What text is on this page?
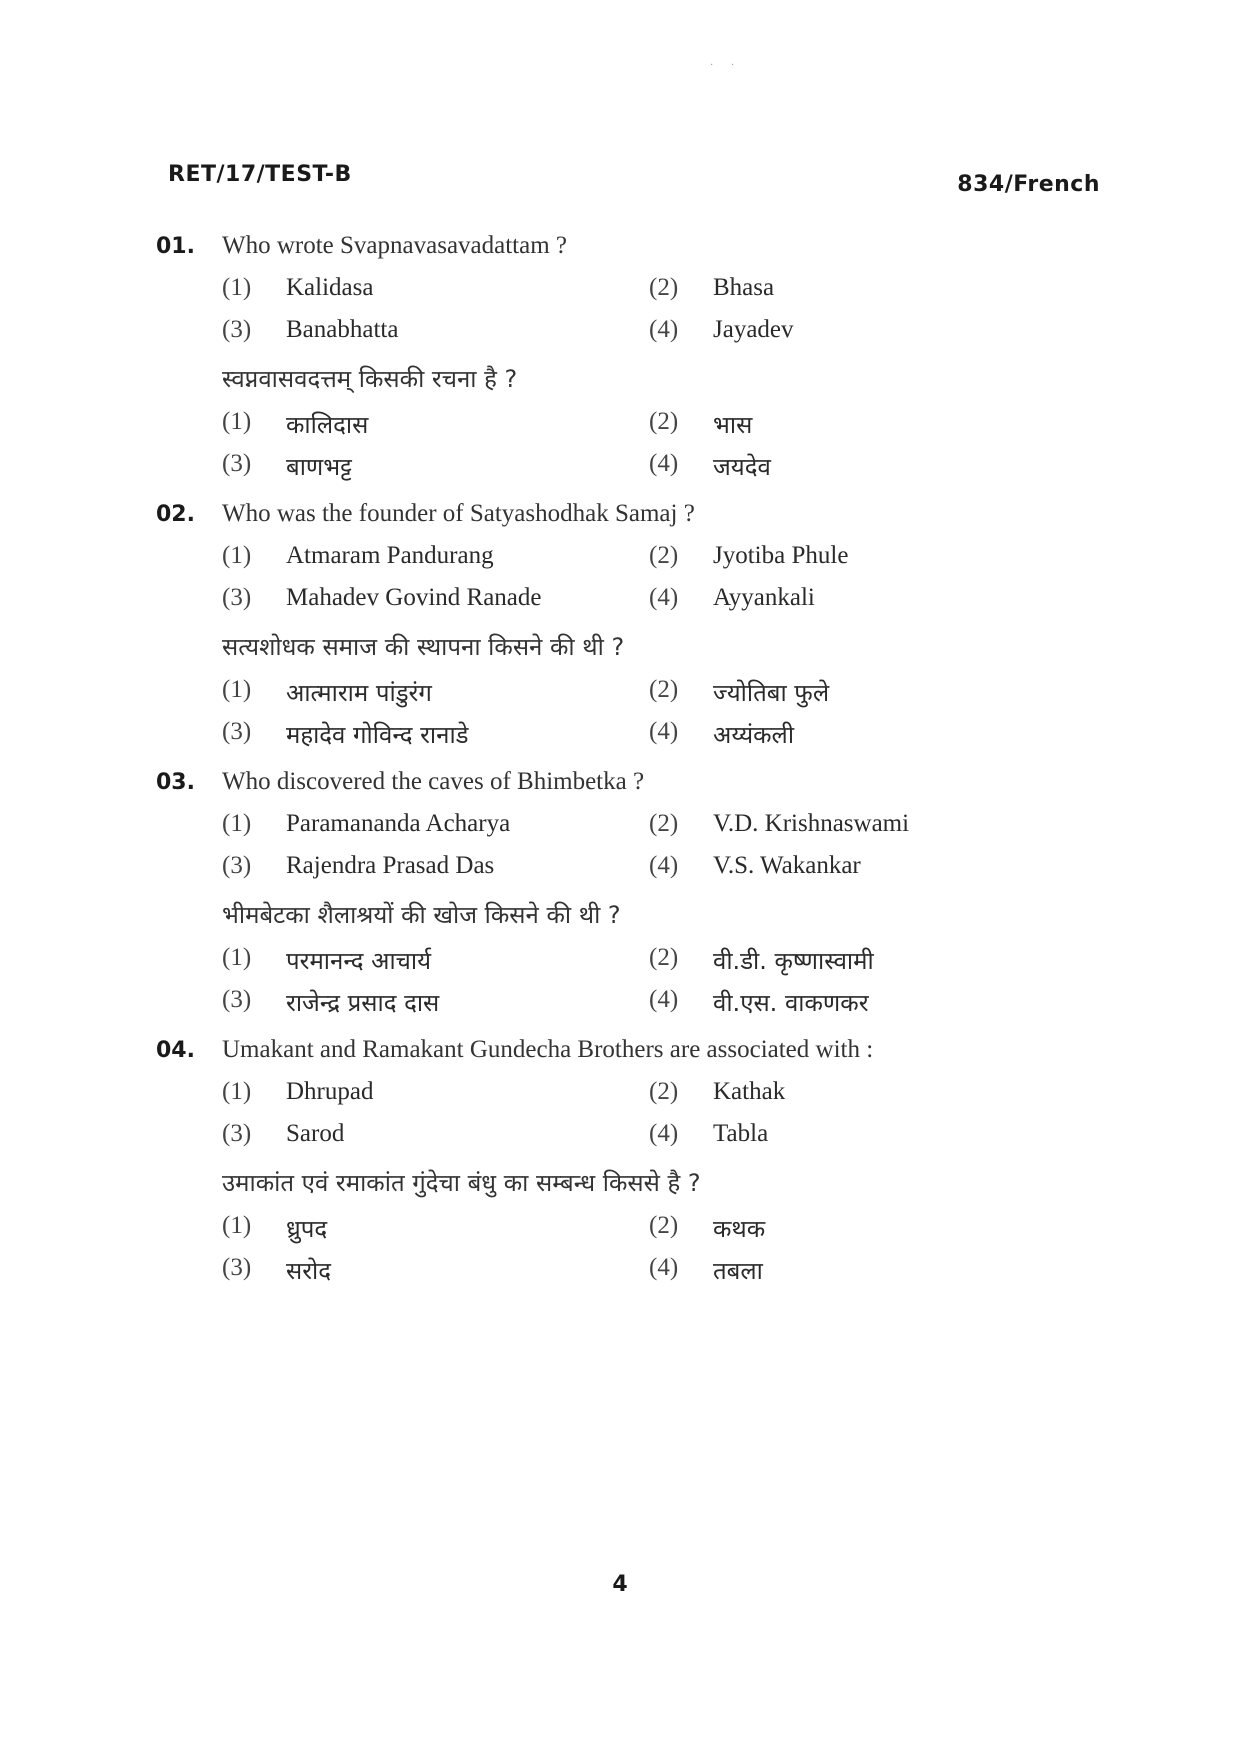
·       ·
RET/17/TEST-B	834/French
01.	Who wrote Svapnavasavadattam ?
(1)	Kalidasa	(2)	Bhasa
(3)	Banabhatta	(4)	Jayadev
स्वप्नवासवदत्तम् किसकी रचना है ?
(1)	कालिदास	(2)	भास
(3)	बाणभट्ट	(4)	जयदेव
02.	Who was the founder of Satyashodhak Samaj ?
(1)	Atmaram Pandurang	(2)	Jyotiba Phule
(3)	Mahadev Govind Ranade	(4)	Ayyankali
सत्यशोधक समाज की स्थापना किसने की थी ?
(1)	आत्माराम पांडुरंग	(2)	ज्योतिबा फुले
(3)	महादेव गोविन्द रानाडे	(4)	अय्यंकली
03.	Who discovered the caves of Bhimbetka ?
(1)	Paramananda Acharya	(2)	V.D. Krishnaswami
(3)	Rajendra Prasad Das	(4)	V.S. Wakankar
भीमबेटका शैलाश्रयों की खोज किसने की थी ?
(1)	परमानन्द आचार्य	(2)	वी.डी. कृष्णास्वामी
(3)	राजेन्द्र प्रसाद दास	(4)	वी.एस. वाकणकर
04.	Umakant and Ramakant Gundecha Brothers are associated with :
(1)	Dhrupad	(2)	Kathak
(3)	Sarod	(4)	Tabla
उमाकांत एवं रमाकांत गुंदेचा बंधु का सम्बन्ध किससे है ?
(1)	ध्रुपद	(2)	कथक
(3)	सरोद	(4)	तबला
4
